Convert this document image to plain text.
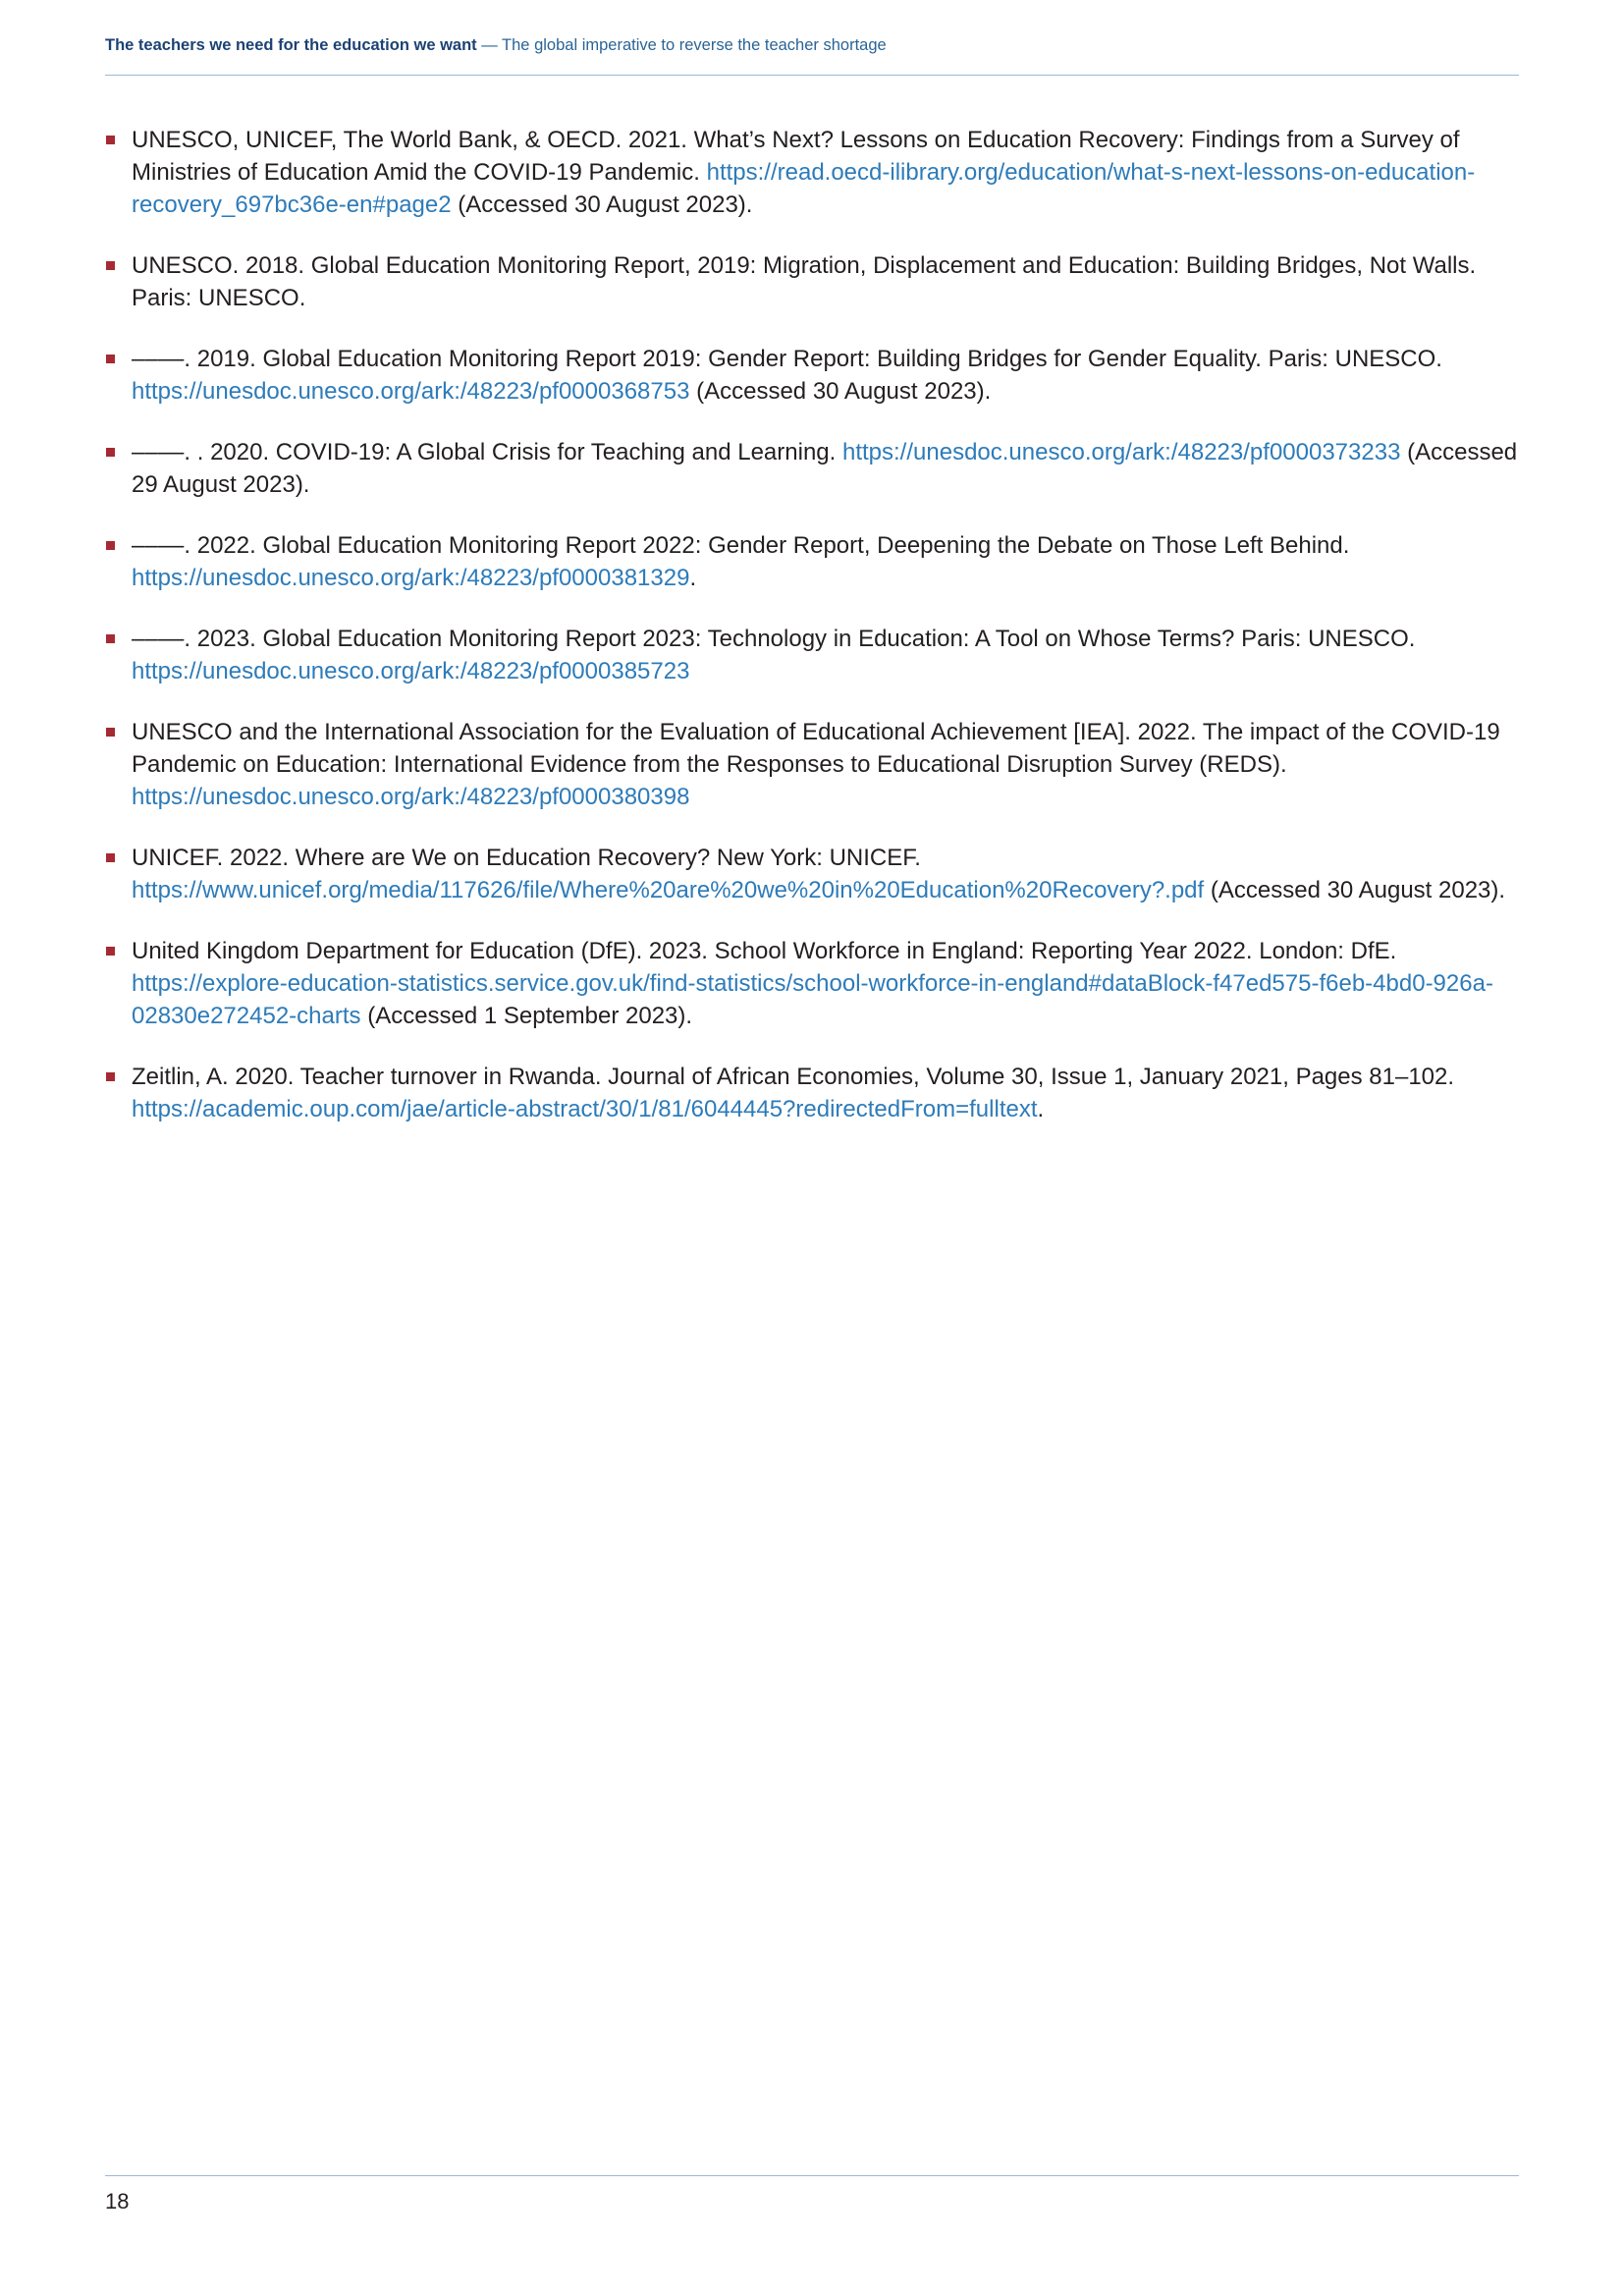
The teachers we need for the education we want — The global imperative to reverse the teacher shortage
UNESCO, UNICEF, The World Bank, & OECD. 2021. What’s Next? Lessons on Education Recovery: Findings from a Survey of Ministries of Education Amid the COVID-19 Pandemic. https://read.oecd-ilibrary.org/education/what-s-next-lessons-on-education-recovery_697bc36e-en#page2 (Accessed 30 August 2023).
UNESCO. 2018. Global Education Monitoring Report, 2019: Migration, Displacement and Education: Building Bridges, Not Walls. Paris: UNESCO.
––––. 2019. Global Education Monitoring Report 2019: Gender Report: Building Bridges for Gender Equality. Paris: UNESCO. https://unesdoc.unesco.org/ark:/48223/pf0000368753 (Accessed 30 August 2023).
––––. . 2020. COVID-19: A Global Crisis for Teaching and Learning. https://unesdoc.unesco.org/ark:/48223/pf0000373233 (Accessed 29 August 2023).
––––. 2022. Global Education Monitoring Report 2022: Gender Report, Deepening the Debate on Those Left Behind. https://unesdoc.unesco.org/ark:/48223/pf0000381329.
––––. 2023. Global Education Monitoring Report 2023: Technology in Education: A Tool on Whose Terms? Paris: UNESCO. https://unesdoc.unesco.org/ark:/48223/pf0000385723
UNESCO and the International Association for the Evaluation of Educational Achievement [IEA]. 2022. The impact of the COVID-19 Pandemic on Education: International Evidence from the Responses to Educational Disruption Survey (REDS). https://unesdoc.unesco.org/ark:/48223/pf0000380398
UNICEF. 2022. Where are We on Education Recovery? New York: UNICEF. https://www.unicef.org/media/117626/file/Where%20are%20we%20in%20Education%20Recovery?.pdf (Accessed 30 August 2023).
United Kingdom Department for Education (DfE). 2023. School Workforce in England: Reporting Year 2022. London: DfE. https://explore-education-statistics.service.gov.uk/find-statistics/school-workforce-in-england#dataBlock-f47ed575-f6eb-4bd0-926a-02830e272452-charts (Accessed 1 September 2023).
Zeitlin, A. 2020. Teacher turnover in Rwanda. Journal of African Economies, Volume 30, Issue 1, January 2021, Pages 81–102. https://academic.oup.com/jae/article-abstract/30/1/81/6044445?redirectedFrom=fulltext.
18
